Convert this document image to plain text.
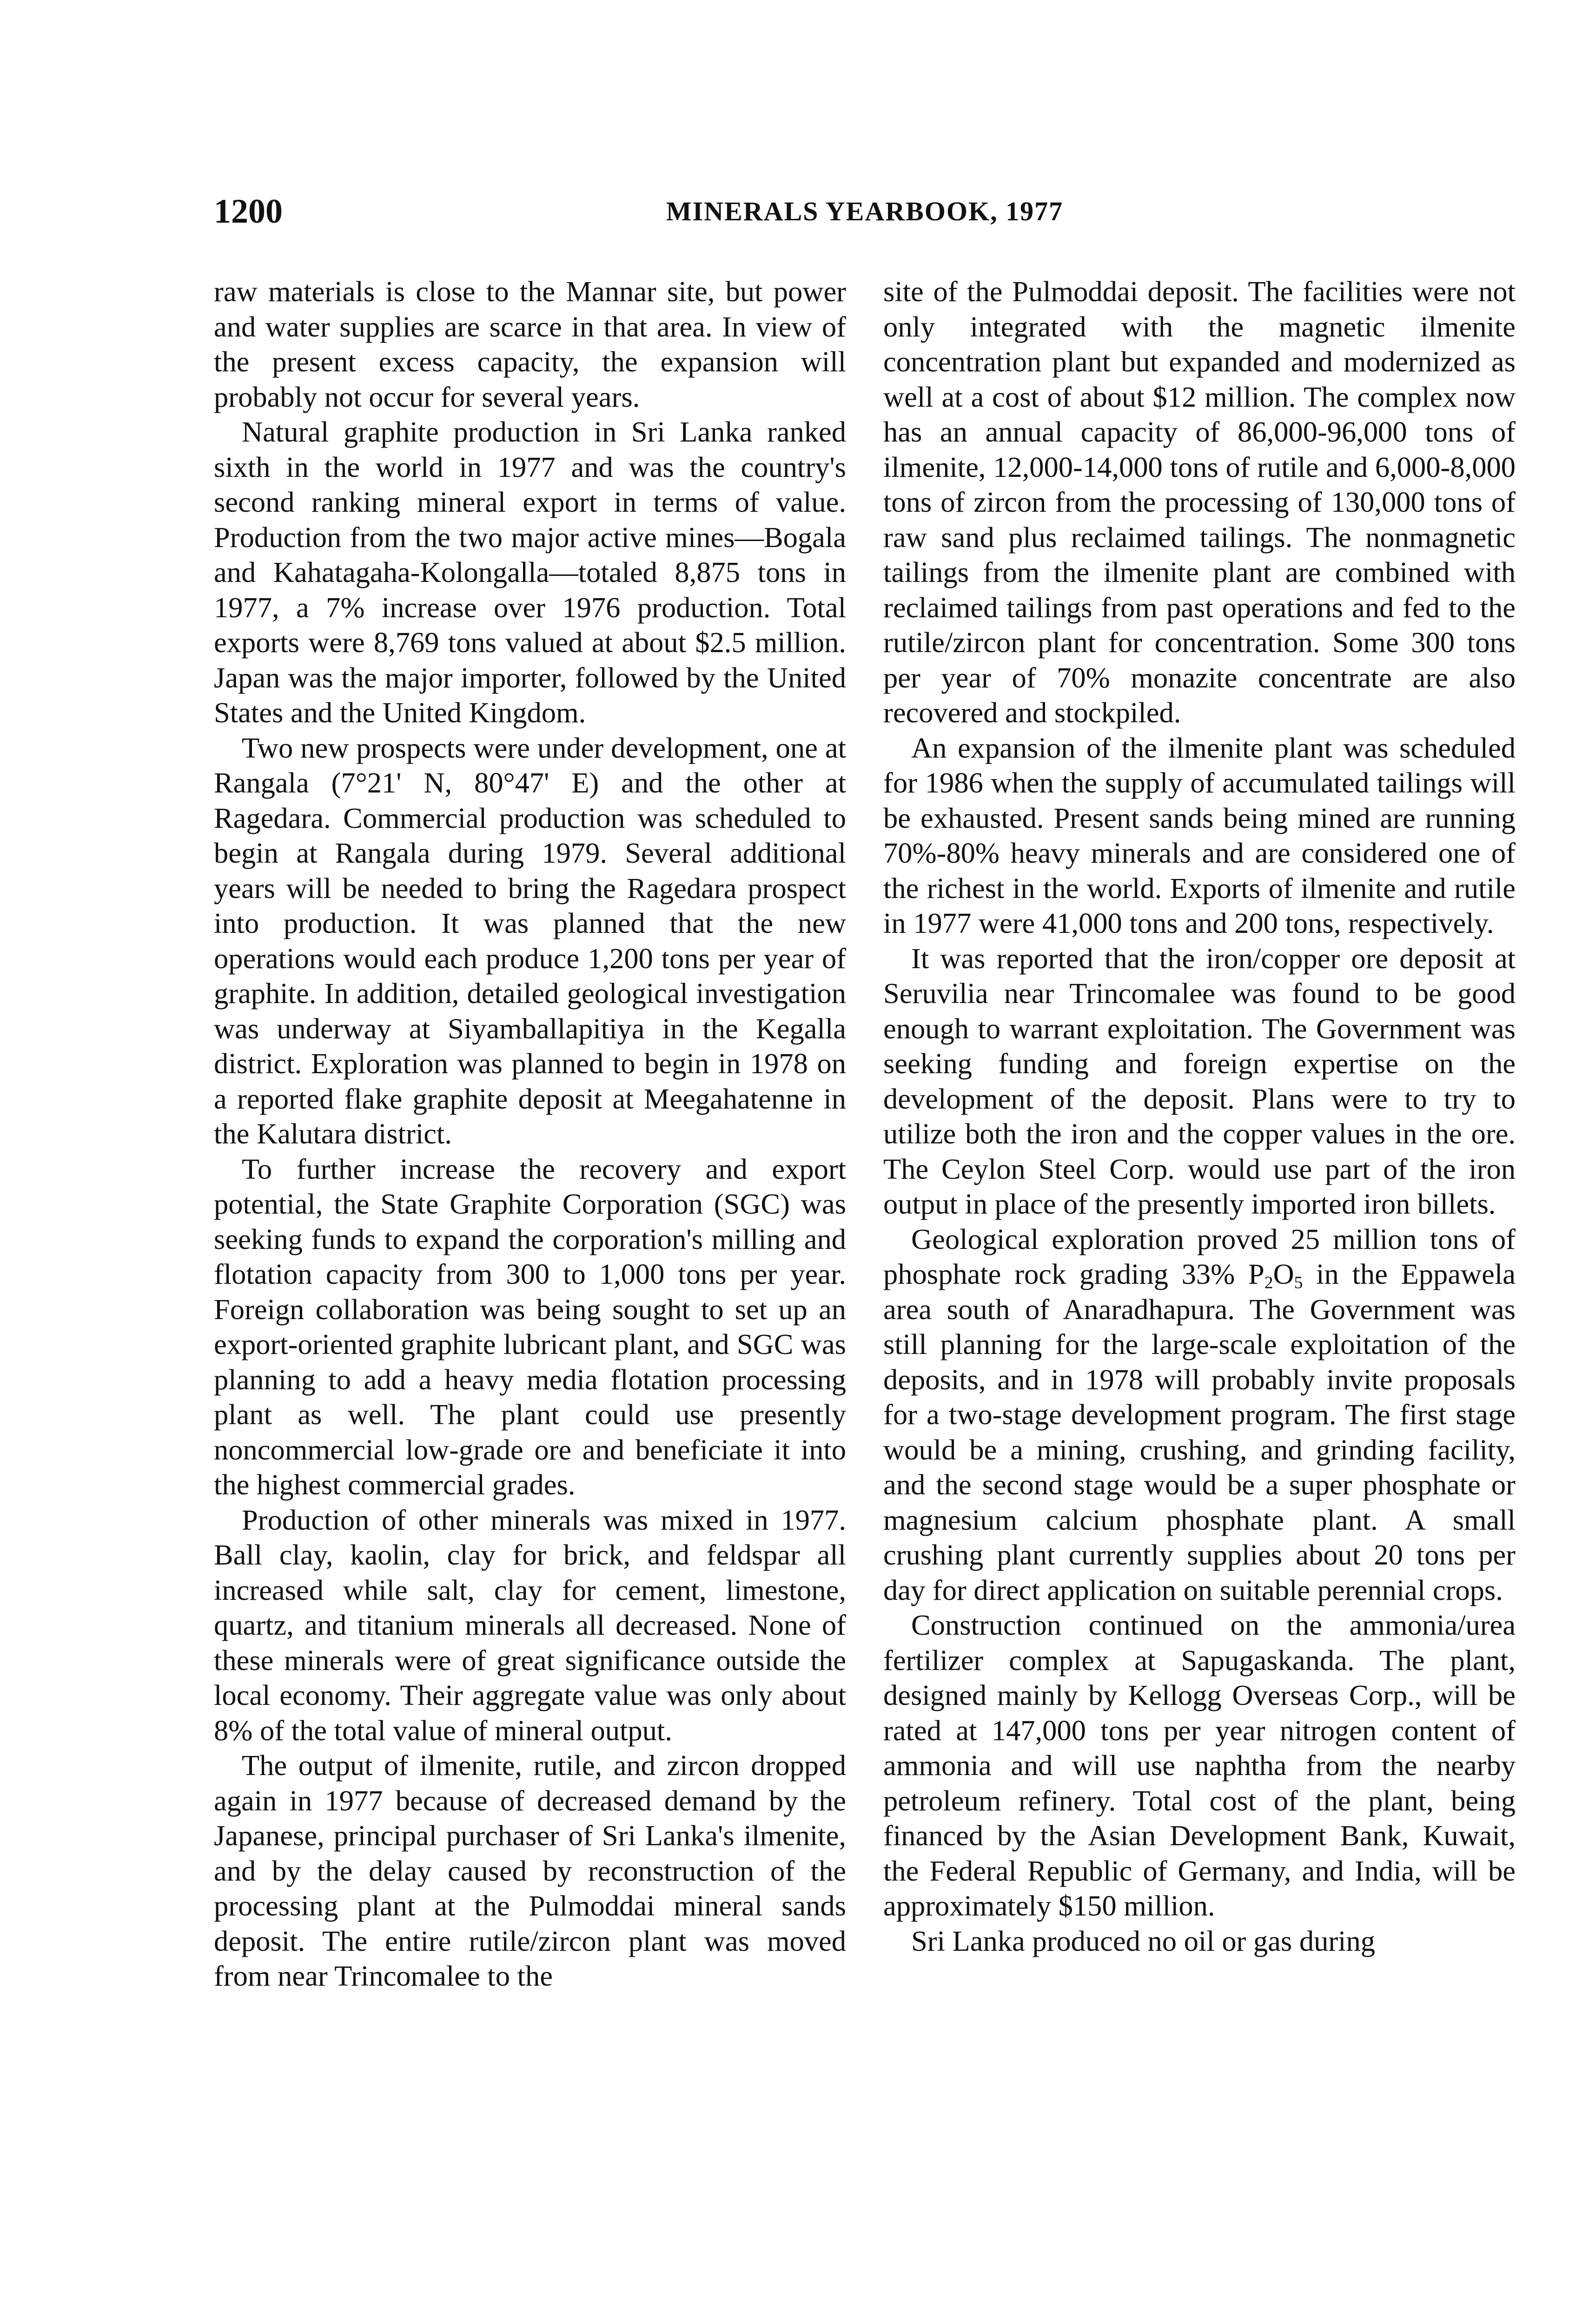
1200	MINERALS YEARBOOK, 1977

raw materials is close to the Mannar site, but power and water supplies are scarce in that area. In view of the present excess capacity, the expansion will probably not occur for several years.

Natural graphite production in Sri Lanka ranked sixth in the world in 1977 and was the country's second ranking mineral export in terms of value. Production from the two major active mines—Bogala and Kahatagaha-Kolongalla—totaled 8,875 tons in 1977, a 7% increase over 1976 production. Total exports were 8,769 tons valued at about $2.5 million. Japan was the major importer, followed by the United States and the United Kingdom.

Two new prospects were under development, one at Rangala (7°21' N, 80°47' E) and the other at Ragedara. Commercial production was scheduled to begin at Rangala during 1979. Several additional years will be needed to bring the Ragedara prospect into production. It was planned that the new operations would each produce 1,200 tons per year of graphite. In addition, detailed geological investigation was underway at Siyamballapitiya in the Kegalla district. Exploration was planned to begin in 1978 on a reported flake graphite deposit at Meegahatenne in the Kalutara district.

To further increase the recovery and export potential, the State Graphite Corporation (SGC) was seeking funds to expand the corporation's milling and flotation capacity from 300 to 1,000 tons per year. Foreign collaboration was being sought to set up an export-oriented graphite lubricant plant, and SGC was planning to add a heavy media flotation processing plant as well. The plant could use presently noncommercial low-grade ore and beneficiate it into the highest commercial grades.

Production of other minerals was mixed in 1977. Ball clay, kaolin, clay for brick, and feldspar all increased while salt, clay for cement, limestone, quartz, and titanium minerals all decreased. None of these minerals were of great significance outside the local economy. Their aggregate value was only about 8% of the total value of mineral output.

The output of ilmenite, rutile, and zircon dropped again in 1977 because of decreased demand by the Japanese, principal purchaser of Sri Lanka's ilmenite, and by the delay caused by reconstruction of the processing plant at the Pulmoddai mineral sands deposit. The entire rutile/zircon plant was moved from near Trincomalee to the

site of the Pulmoddai deposit. The facilities were not only integrated with the magnetic ilmenite concentration plant but expanded and modernized as well at a cost of about $12 million. The complex now has an annual capacity of 86,000-96,000 tons of ilmenite, 12,000-14,000 tons of rutile and 6,000-8,000 tons of zircon from the processing of 130,000 tons of raw sand plus reclaimed tailings. The nonmagnetic tailings from the ilmenite plant are combined with reclaimed tailings from past operations and fed to the rutile/zircon plant for concentration. Some 300 tons per year of 70% monazite concentrate are also recovered and stockpiled.

An expansion of the ilmenite plant was scheduled for 1986 when the supply of accumulated tailings will be exhausted. Present sands being mined are running 70%-80% heavy minerals and are considered one of the richest in the world. Exports of ilmenite and rutile in 1977 were 41,000 tons and 200 tons, respectively.

It was reported that the iron/copper ore deposit at Seruvilia near Trincomalee was found to be good enough to warrant exploitation. The Government was seeking funding and foreign expertise on the development of the deposit. Plans were to try to utilize both the iron and the copper values in the ore. The Ceylon Steel Corp. would use part of the iron output in place of the presently imported iron billets.

Geological exploration proved 25 million tons of phosphate rock grading 33% $P_2O_5$ in the Eppawela area south of Anaradhapura. The Government was still planning for the large-scale exploitation of the deposits, and in 1978 will probably invite proposals for a two-stage development program. The first stage would be a mining, crushing, and grinding facility, and the second stage would be a super phosphate or magnesium calcium phosphate plant. A small crushing plant currently supplies about 20 tons per day for direct application on suitable perennial crops.

Construction continued on the ammonia/urea fertilizer complex at Sapugaskanda. The plant, designed mainly by Kellogg Overseas Corp., will be rated at 147,000 tons per year nitrogen content of ammonia and will use naphtha from the nearby petroleum refinery. Total cost of the plant, being financed by the Asian Development Bank, Kuwait, the Federal Republic of Germany, and India, will be approximately $150 million.

Sri Lanka produced no oil or gas during
